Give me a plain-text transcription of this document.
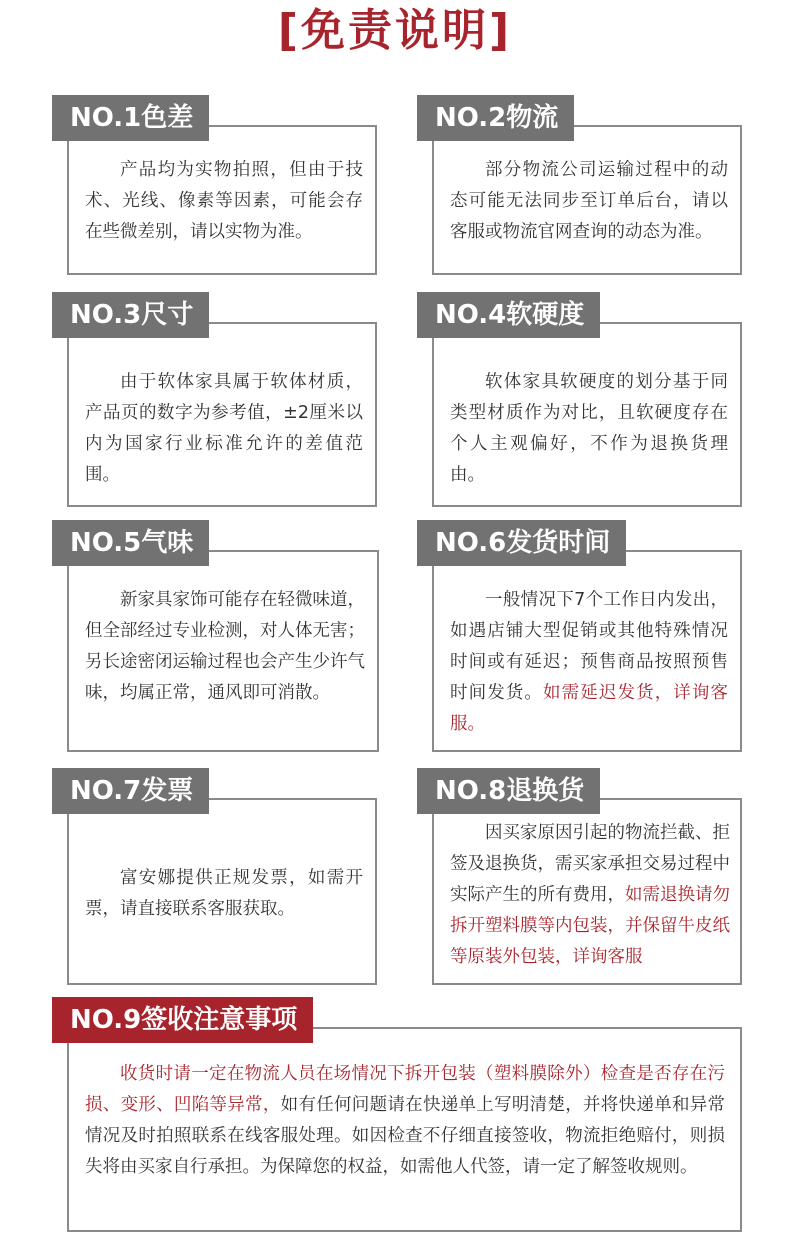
[免责说明]
NO.1色差
产品均为实物拍照，但由于技术、光线、像素等因素，可能会存在些微差别，请以实物为准。
NO.2物流
部分物流公司运输过程中的动态可能无法同步至订单后台，请以客服或物流官网查询的动态为准。
NO.3尺寸
由于软体家具属于软体材质，产品页的数字为参考值，±2厘米以内为国家行业标准允许的差值范围。
NO.4软硬度
软体家具软硬度的划分基于同类型材质作为对比，且软硬度存在个人主观偏好，不作为退换货理由。
NO.5气味
新家具家饰可能存在轻微味道，但全部经过专业检测，对人体无害；另长途密闭运输过程也会产生少许气味，均属正常，通风即可消散。
NO.6发货时间
一般情况下7个工作日内发出，如遇店铺大型促销或其他特殊情况时间或有延迟；预售商品按照预售时间发货。如需延迟发货，详询客服。
NO.7发票
富安娜提供正规发票，如需开票，请直接联系客服获取。
NO.8退换货
因买家原因引起的物流拦截、拒签及退换货，需买家承担交易过程中实际产生的所有费用，如需退换请勿拆开塑料膜等内包装，并保留牛皮纸等原装外包装，详询客服
NO.9签收注意事项
收货时请一定在物流人员在场情况下拆开包装（塑料膜除外）检查是否存在污损、变形、凹陷等异常，如有任何问题请在快递单上写明清楚，并将快递单和异常情况及时拍照联系在线客服处理。如因检查不仔细直接签收，物流拒绝赔付，则损失将由买家自行承担。为保障您的权益，如需他人代签，请一定了解签收规则。
